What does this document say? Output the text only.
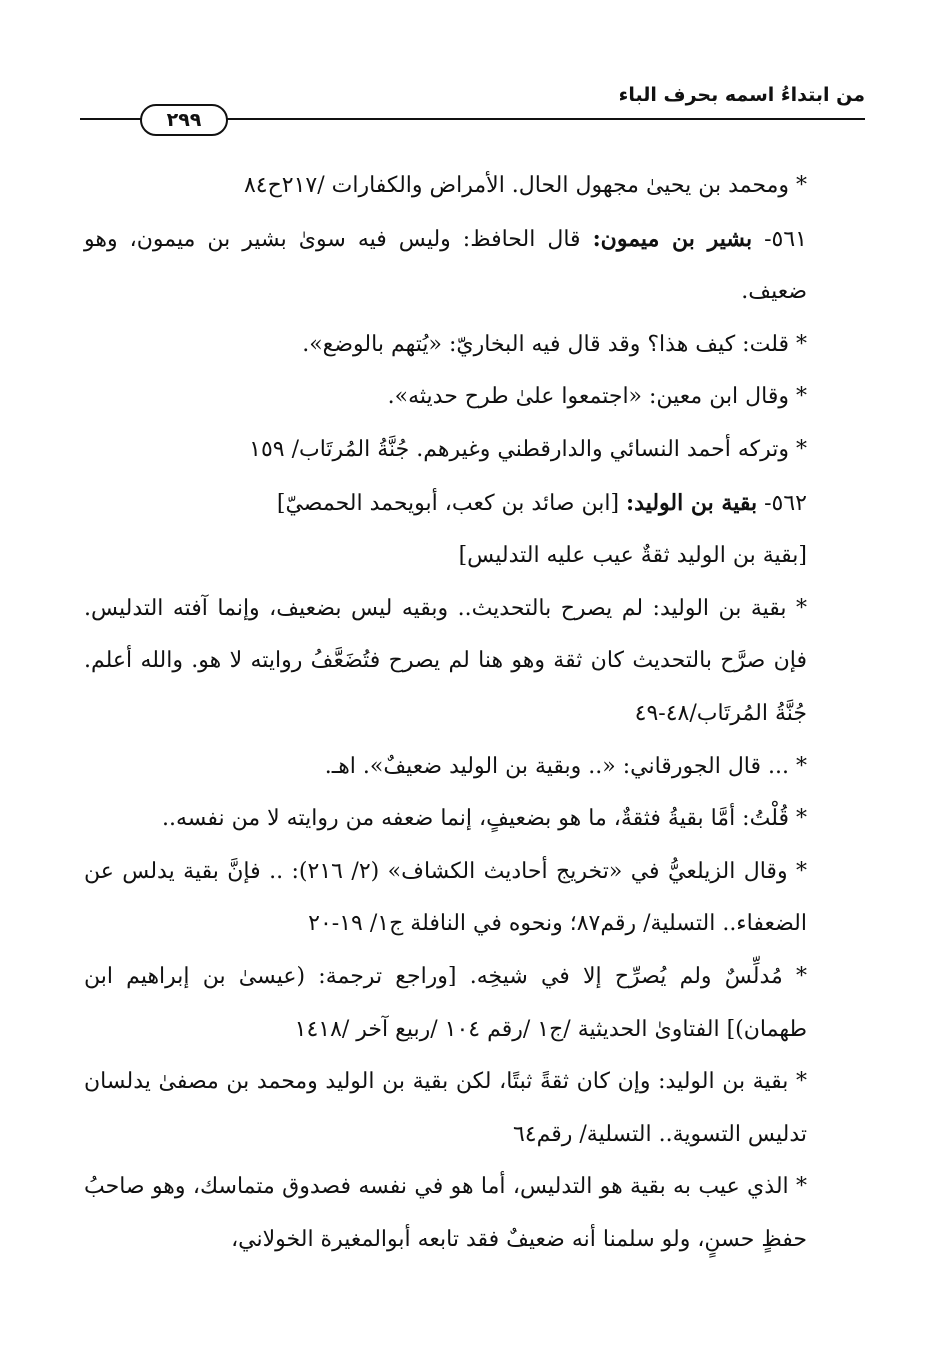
من ابتداءُ اسمه بحرف الباء
٢٩٩

* ومحمد بن يحيىٰ مجهول الحال. الأمراض والكفارات /٢١٧ح٨٤

٥٦١- بشير بن ميمون: قال الحافظ: وليس فيه سوىٰ بشير بن ميمون، وهو ضعيف.

* قلت: كيف هذا؟ وقد قال فيه البخاريّ: «يُتهم بالوضع».

* وقال ابن معين: «اجتمعوا علىٰ طرح حديثه».

* وتركه أحمد النسائي والدارقطني وغيرهم. جُنَّةُ المُرتَاب/ ١٥٩

٥٦٢- بقية بن الوليد: [ابن صائد بن كعب، أبويحمد الحمصيّ]

[بقية بن الوليد ثقةٌ عيب عليه التدليس]

* بقية بن الوليد: لم يصرح بالتحديث.. وبقيه ليس بضعيف، وإنما آفته التدليس. فإن صرَّح بالتحديث كان ثقة وهو هنا لم يصرح فتُضَعَّفُ روايته لا هو. والله أعلم. جُنَّةُ المُرتَاب/٤٨-٤٩

* ... قال الجورقاني: «.. وبقية بن الوليد ضعيفٌ». اهـ.

* قُلْتُ: أمَّا بقيةُ فثقةٌ، ما هو بضعيفٍ، إنما ضعفه من روايته لا من نفسه..

* وقال الزيلعيُّ في «تخريج أحاديث الكشاف» (٢/ ٢١٦): .. فإنَّ بقية يدلس عن الضعفاء.. التسلية/ رقم٨٧؛ ونحوه في النافلة ج١/ ١٩-٢٠

* مُدلِّسٌ ولم يُصرِّح إلا في شيخِه. [وراجع ترجمة: (عيسىٰ بن إبراهيم ابن طهمان)] الفتاوىٰ الحديثية /ج١ /رقم ١٠٤ /ربيع آخر /١٤١٨

* بقية بن الوليد: وإن كان ثقةً ثبتًا، لكن بقية بن الوليد ومحمد بن مصفىٰ يدلسان تدليس التسوية.. التسلية/ رقم٦٤

* الذي عيب به بقية هو التدليس، أما هو في نفسه فصدوق متماسك، وهو صاحبُ حفظٍ حسنٍ، ولو سلمنا أنه ضعيفٌ فقد تابعه أبوالمغيرة الخولاني،
